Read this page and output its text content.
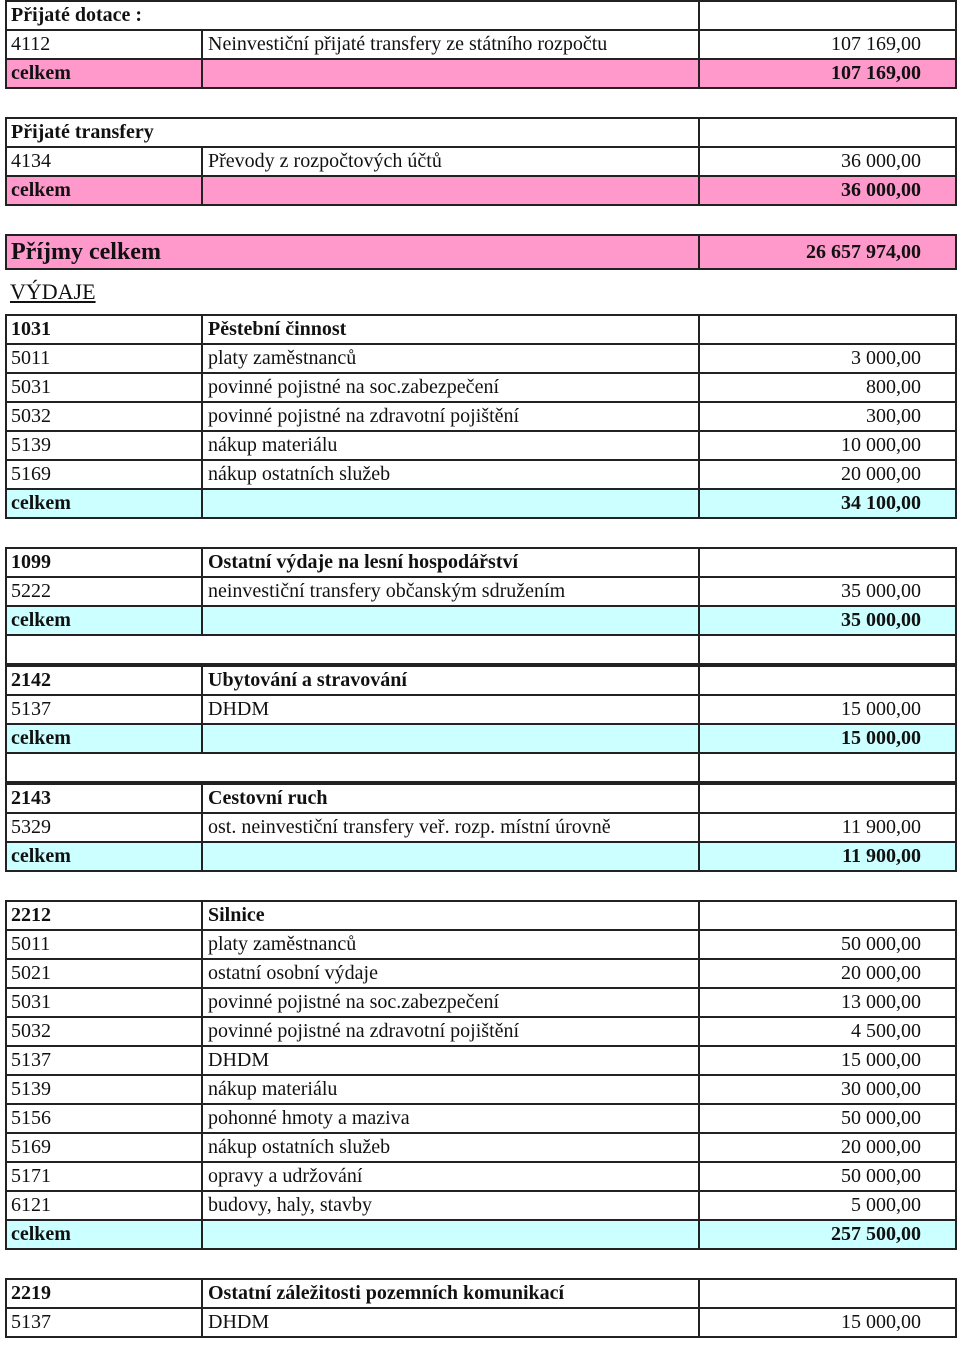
Přijaté dotace :
4112	Neinvestiční přijaté transfery ze státního rozpočtu	107 169,00
celkem	107 169,00
Přijaté transfery
4134	Převody z rozpočtových účtů	36 000,00
celkem	36 000,00
Příjmy celkem	26 657 974,00
VÝDAJE
1031	Pěstební činnost
5011	platy zaměstnanců	3 000,00
5031	povinné pojistné na soc.zabezpečení	800,00
5032	povinné pojistné na zdravotní pojištění	300,00
5139	nákup materiálu	10 000,00
5169	nákup ostatních služeb	20 000,00
celkem	34 100,00
1099	Ostatní výdaje na lesní hospodářství
5222	neinvestiční transfery občanským sdružením	35 000,00
celkem	35 000,00
2142	Ubytování a stravování
5137	DHDM	15 000,00
celkem	15 000,00
2143	Cestovní ruch
5329	ost. neinvestiční transfery veř. rozp. místní úrovně	11 900,00
celkem	11 900,00
2212	Silnice
5011	platy zaměstnanců	50 000,00
5021	ostatní osobní výdaje	20 000,00
5031	povinné pojistné na soc.zabezpečení	13 000,00
5032	povinné pojistné na zdravotní pojištění	4 500,00
5137	DHDM	15 000,00
5139	nákup materiálu	30 000,00
5156	pohonné hmoty a maziva	50 000,00
5169	nákup ostatních služeb	20 000,00
5171	opravy a udržování	50 000,00
6121	budovy, haly, stavby	5 000,00
celkem	257 500,00
2219	Ostatní záležitosti pozemních komunikací
5137	DHDM	15 000,00
